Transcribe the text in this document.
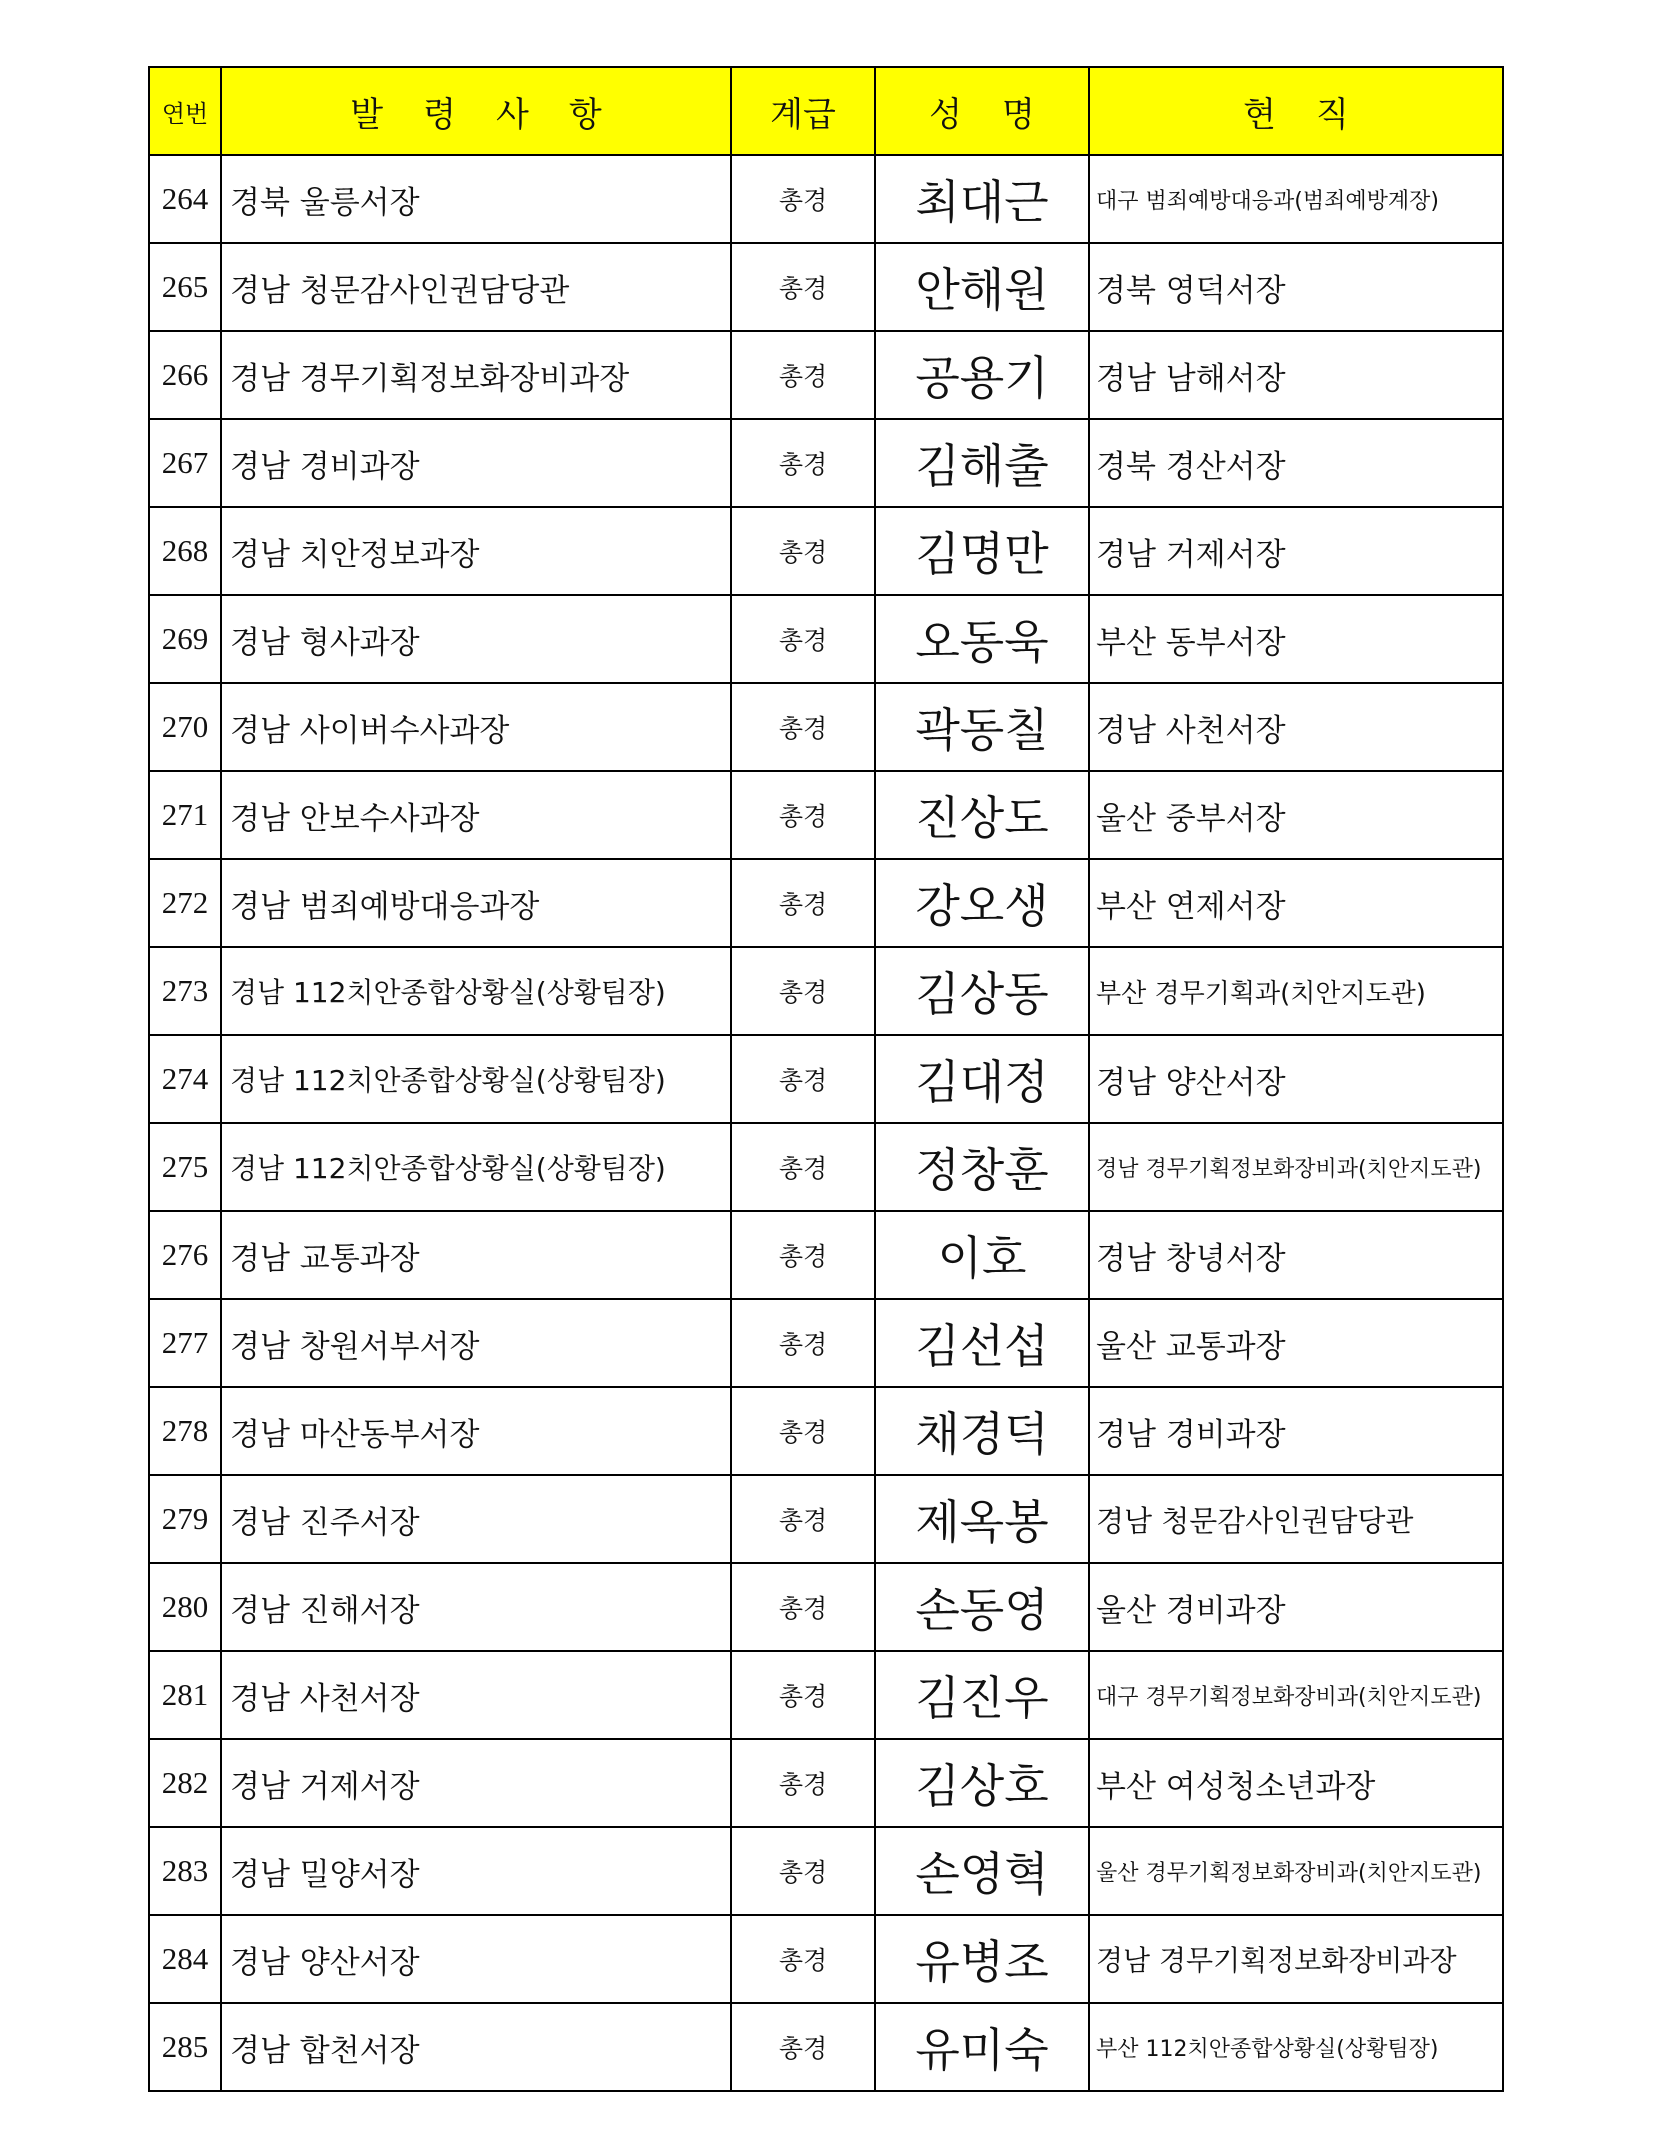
연번	발령사항	계급	성명	현직
264	경북 울릉서장	총경	최대근	대구 범죄예방대응과(범죄예방계장)
265	경남 청문감사인권담당관	총경	안해원	경북 영덕서장
266	경남 경무기획정보화장비과장	총경	공용기	경남 남해서장
267	경남 경비과장	총경	김해출	경북 경산서장
268	경남 치안정보과장	총경	김명만	경남 거제서장
269	경남 형사과장	총경	오동욱	부산 동부서장
270	경남 사이버수사과장	총경	곽동칠	경남 사천서장
271	경남 안보수사과장	총경	진상도	울산 중부서장
272	경남 범죄예방대응과장	총경	강오생	부산 연제서장
273	경남 112치안종합상황실(상황팀장)	총경	김상동	부산 경무기획과(치안지도관)
274	경남 112치안종합상황실(상황팀장)	총경	김대정	경남 양산서장
275	경남 112치안종합상황실(상황팀장)	총경	정창훈	경남 경무기획정보화장비과(치안지도관)
276	경남 교통과장	총경	이호	경남 창녕서장
277	경남 창원서부서장	총경	김선섭	울산 교통과장
278	경남 마산동부서장	총경	채경덕	경남 경비과장
279	경남 진주서장	총경	제옥봉	경남 청문감사인권담당관
280	경남 진해서장	총경	손동영	울산 경비과장
281	경남 사천서장	총경	김진우	대구 경무기획정보화장비과(치안지도관)
282	경남 거제서장	총경	김상호	부산 여성청소년과장
283	경남 밀양서장	총경	손영혁	울산 경무기획정보화장비과(치안지도관)
284	경남 양산서장	총경	유병조	경남 경무기획정보화장비과장
285	경남 합천서장	총경	유미숙	부산 112치안종합상황실(상황팀장)
